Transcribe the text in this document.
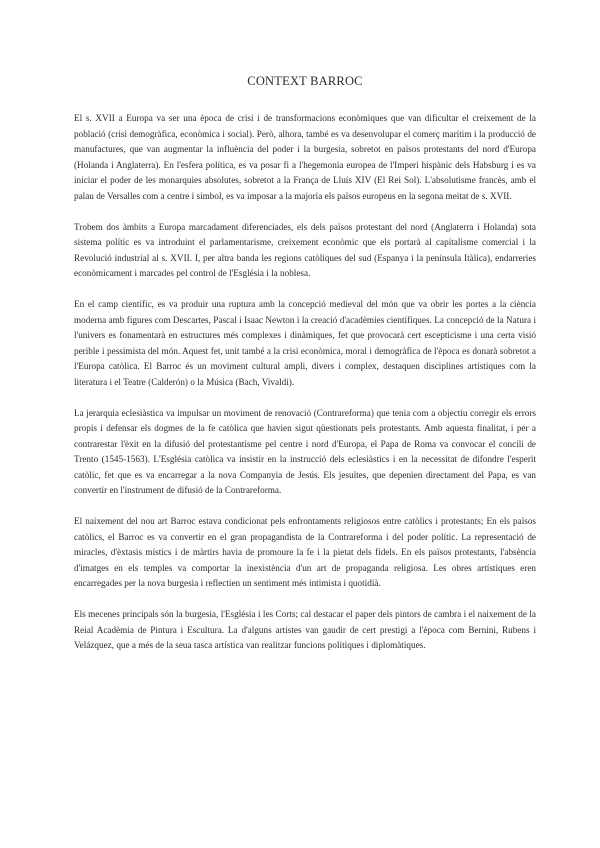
CONTEXT BARROC

El s. XVII a Europa va ser una època de crisi i de transformacions econòmiques que van dificultar el creixement de la població (crisi demogràfica, econòmica i social). Però, alhora, també es va desenvolupar el comerç marítim i la producció de manufactures, que van augmentar la influència del poder i la burgesia, sobretot en països protestants del nord d'Europa (Holanda i Anglaterra). En l'esfera política, es va posar fi a l'hegemonia europea de l'Imperi hispànic dels Habsburg i es va iniciar el poder de les monarquies absolutes, sobretot a la França de Lluís XIV (El Rei Sol). L'absolutisme francès, amb el palau de Versalles com a centre i símbol, es va imposar a la majoria els països europeus en la segona meitat de s. XVII.

Trobem dos àmbits a Europa marcadament diferenciades, els dels països protestant del nord (Anglaterra i Holanda) sota sistema polític es va introduint el parlamentarisme, creixement econòmic que els portarà al capitalisme comercial i la Revolució industrial al s. XVII. I, per altra banda les regions catòliques del sud (Espanya i la península Itàlica), endarreries econòmicament i marcades pel control de l'Església i la noblesa.

En el camp científic, es va produir una ruptura amb la concepció medieval del món que va obrir les portes a la ciència moderna amb figures com Descartes, Pascal i Isaac Newton i la creació d'acadèmies científiques. La concepció de la Natura i l'univers es fonamentarà en estructures més complexes i dinàmiques, fet que provocarà cert escepticisme i una certa visió perible i pessimista del món. Aquest fet, unit també a la crisi econòmica, moral i demogràfica de l'època es donarà sobretot a l'Europa catòlica. El Barroc és un moviment cultural ampli, divers i complex, destaquen disciplines artístiques com la literatura i el Teatre (Calderón) o la Música (Bach, Vivaldi).

La jerarquia eclesiàstica va impulsar un moviment de renovació (Contrareforma) que tenia com a objectiu corregir els errors propis i defensar els dogmes de la fe catòlica que havien sigut qüestionats pels protestants. Amb aquesta finalitat, i per a contrarestar l'èxit en la difusió del protestantisme pel centre i nord d'Europa, el Papa de Roma va convocar el concili de Trento (1545-1563). L'Església catòlica va insistir en la instrucció dels eclesiàstics i en la necessitat de difondre l'esperit catòlic, fet que es va encarregar a la nova Companyia de Jesús. Els jesuïtes, que depenien directament del Papa, es van convertir en l'instrument de difusió de la Contrareforma.

El naixement del nou art Barroc estava condicionat pels enfrontaments religiosos entre catòlics i protestants; En els països catòlics, el Barroc es va convertir en el gran propagandista de la Contrareforma i del poder polític. La representació de miracles, d'èxtasis místics i de màrtirs havia de promoure la fe i la pietat dels fidels. En els països protestants, l'absència d'imatges en els temples va comportar la inexistència d'un art de propaganda religiosa. Les obres artístiques eren encarregades per la nova burgesia i reflectien un sentiment més intimista i quotidià.

Els mecenes principals són la burgesia, l'Església i les Corts; cal destacar el paper dels pintors de cambra i el naixement de la Reial Acadèmia de Pintura i Escultura. La d'alguns artistes van gaudir de cert prestigi a l'època com Bernini, Rubens i Velázquez, que a més de la seua tasca artística van realitzar funcions polítiques i diplomàtiques.
